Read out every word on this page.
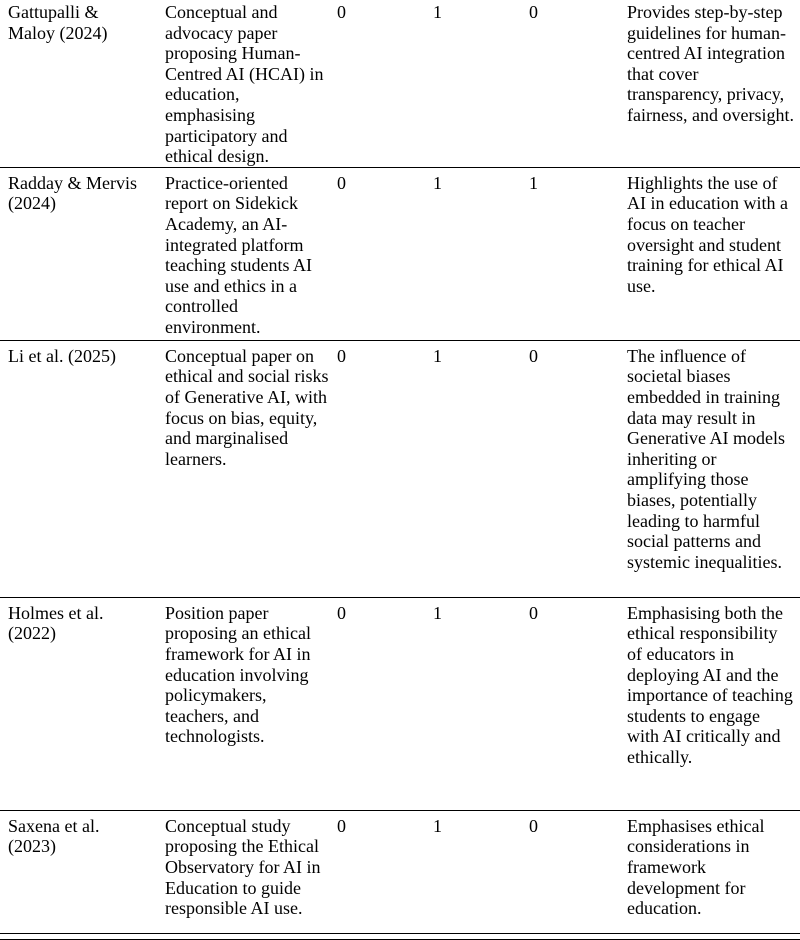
Gattupalli & Maloy (2024)	Conceptual and advocacy paper proposing Human-Centred AI (HCAI) in education, emphasising participatory and ethical design.	0	1	0	Provides step-by-step guidelines for human-centred AI integration that cover transparency, privacy, fairness, and oversight.
Radday & Mervis (2024)	Practice-oriented report on Sidekick Academy, an AI-integrated platform teaching students AI use and ethics in a controlled environment.	0	1	1	Highlights the use of AI in education with a focus on teacher oversight and student training for ethical AI use.
Li et al. (2025)	Conceptual paper on ethical and social risks of Generative AI, with focus on bias, equity, and marginalised learners.	0	1	0	The influence of societal biases embedded in training data may result in Generative AI models inheriting or amplifying those biases, potentially leading to harmful social patterns and systemic inequalities.
Holmes et al. (2022)	Position paper proposing an ethical framework for AI in education involving policymakers, teachers, and technologists.	0	1	0	Emphasising both the ethical responsibility of educators in deploying AI and the importance of teaching students to engage with AI critically and ethically.
Saxena et al. (2023)	Conceptual study proposing the Ethical Observatory for AI in Education to guide responsible AI use.	0	1	0	Emphasises ethical considerations in framework development for education.
